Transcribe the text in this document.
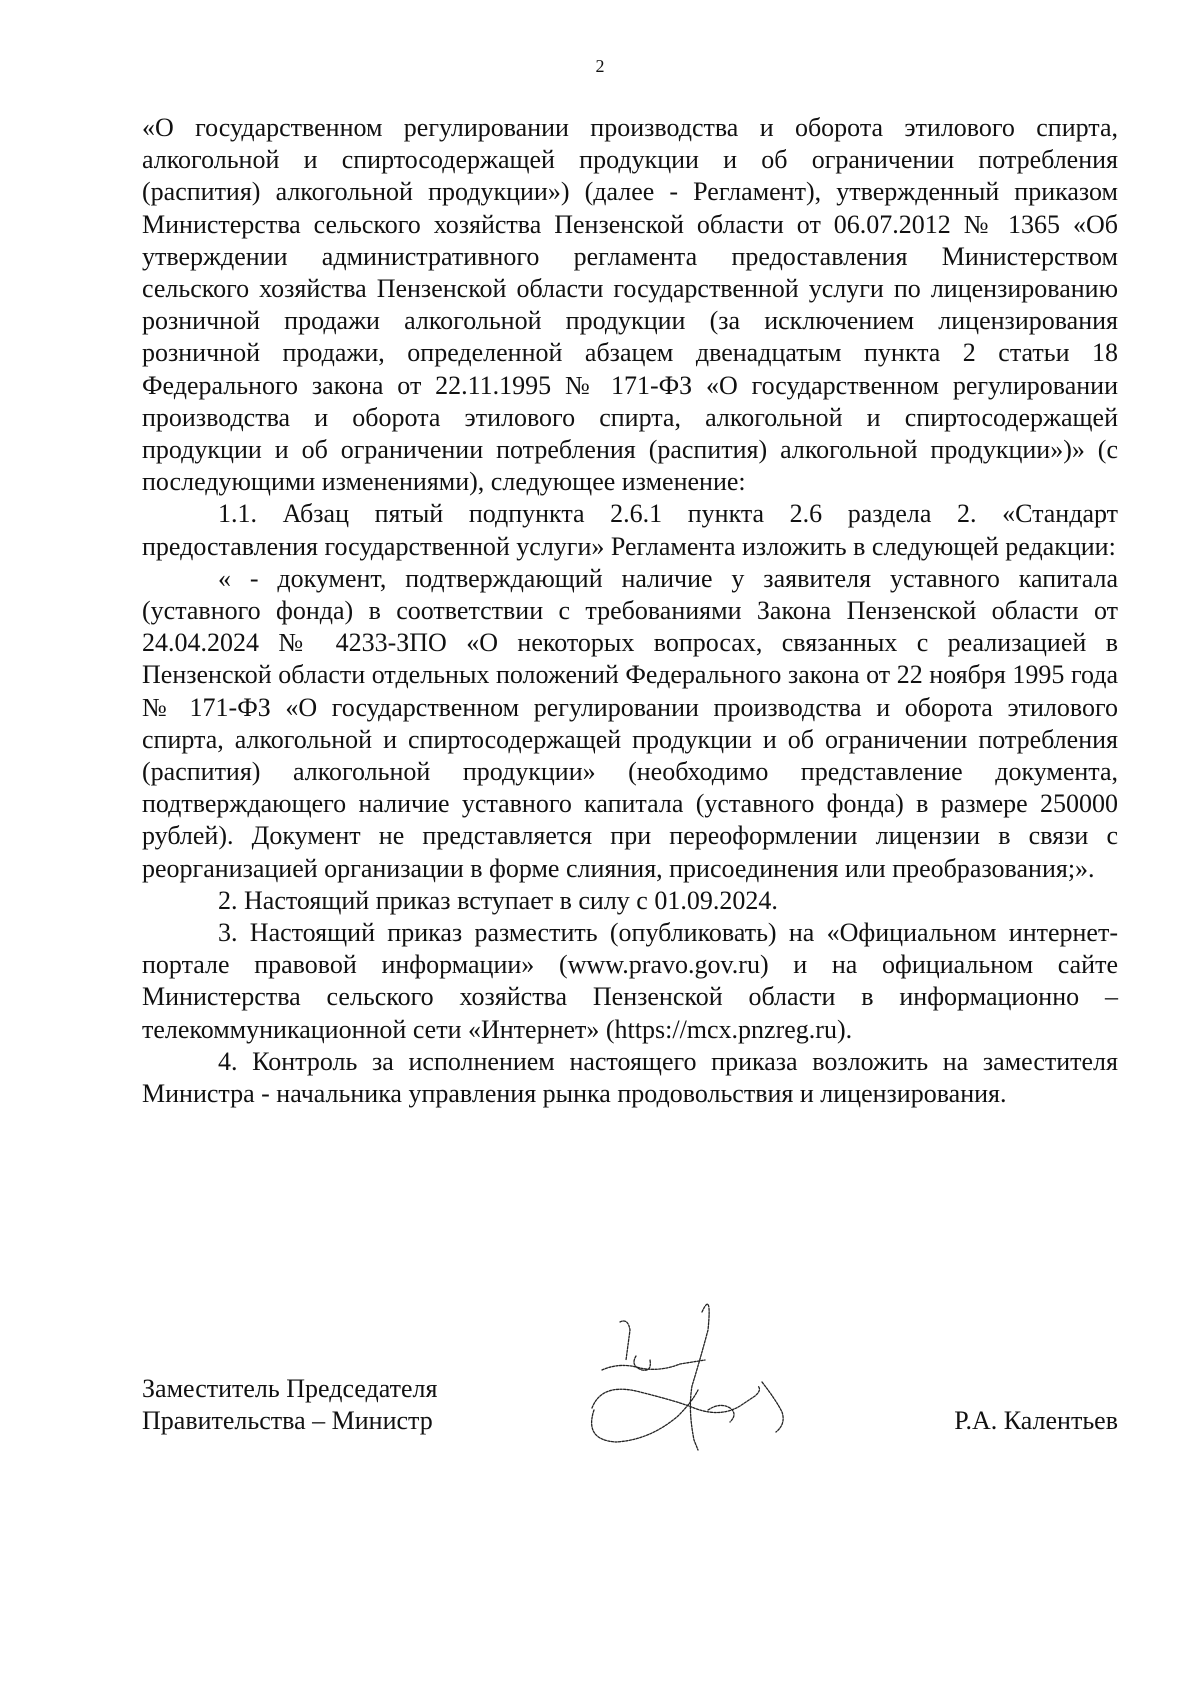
2

«О государственном регулировании производства и оборота этилового спирта, алкогольной и спиртосодержащей продукции и об ограничении потребления (распития) алкогольной продукции») (далее - Регламент), утвержденный приказом Министерства сельского хозяйства Пензенской области от 06.07.2012 № 1365 «Об утверждении административного регламента предоставления Министерством сельского хозяйства Пензенской области государственной услуги по лицензированию розничной продажи алкогольной продукции (за исключением лицензирования розничной продажи, определенной абзацем двенадцатым пункта 2 статьи 18 Федерального закона от 22.11.1995 № 171-ФЗ «О государственном регулировании производства и оборота этилового спирта, алкогольной и спиртосодержащей продукции и об ограничении потребления (распития) алкогольной продукции»)» (с последующими изменениями), следующее изменение:

1.1. Абзац пятый подпункта 2.6.1 пункта 2.6 раздела 2. «Стандарт предоставления государственной услуги» Регламента изложить в следующей редакции:

« - документ, подтверждающий наличие у заявителя уставного капитала (уставного фонда) в соответствии с требованиями Закона Пензенской области от 24.04.2024 № 4233-ЗПО «О некоторых вопросах, связанных с реализацией в Пензенской области отдельных положений Федерального закона от 22 ноября 1995 года № 171-ФЗ «О государственном регулировании производства и оборота этилового спирта, алкогольной и спиртосодержащей продукции и об ограничении потребления (распития) алкогольной продукции» (необходимо представление документа, подтверждающего наличие уставного капитала (уставного фонда) в размере 250000 рублей). Документ не представляется при переоформлении лицензии в связи с реорганизацией организации в форме слияния, присоединения или преобразования;».

2. Настоящий приказ вступает в силу с 01.09.2024.

3. Настоящий приказ разместить (опубликовать) на «Официальном интернет-портале правовой информации» (www.pravo.gov.ru) и на официальном сайте Министерства сельского хозяйства Пензенской области в информационно – телекоммуникационной сети «Интернет» (https://mcx.pnzreg.ru).

4. Контроль за исполнением настоящего приказа возложить на заместителя Министра - начальника управления рынка продовольствия и лицензирования.

Заместитель Председателя
Правительства – Министр	Р.А. Калентьев
